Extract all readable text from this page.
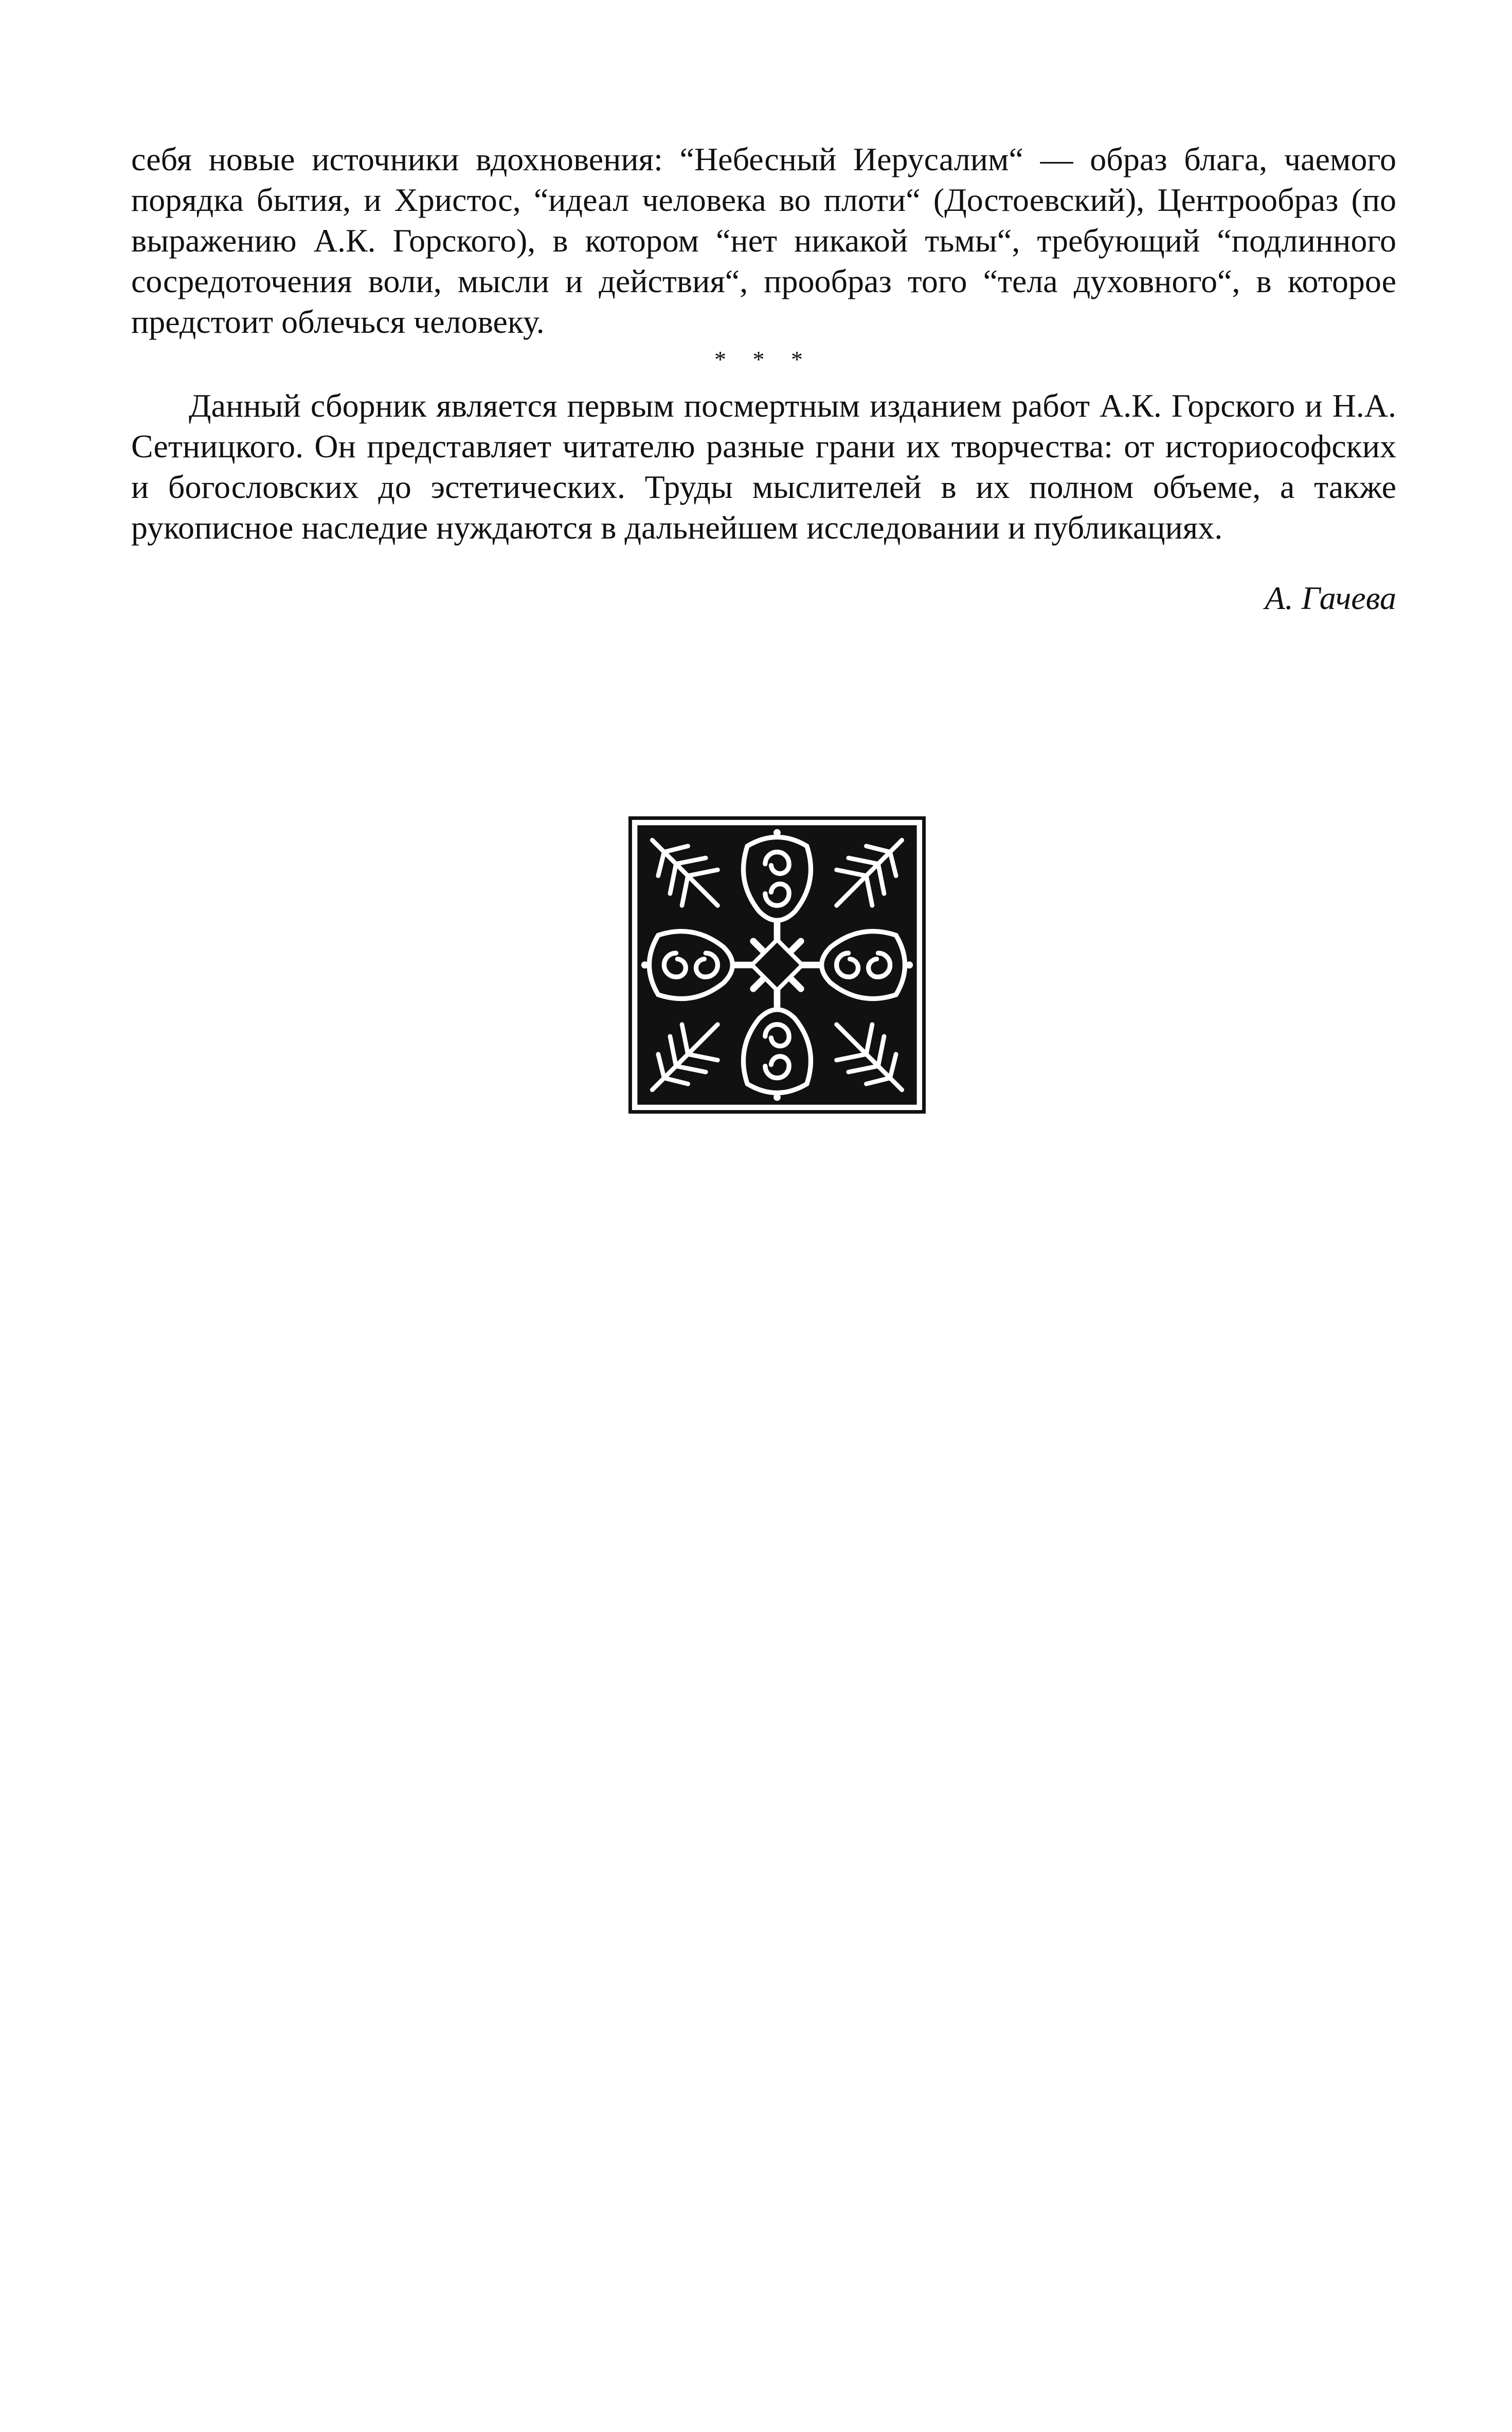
себя новые источники вдохновения: “Небесный Иерусалим“ — образ блага, чаемого порядка бытия, и Христос, “идеал человека во плоти“ (Достоевский), Центрообраз (по выражению А.К. Горского), в котором “нет никакой тьмы“, требующий “подлинного сосредоточения воли, мысли и действия“, прообраз того “тела духовного“, в которое предстоит облечься человеку.

* * *

Данный сборник является первым посмертным изданием работ А.К. Горского и Н.А. Сетницкого. Он представляет читателю разные грани их творчества: от историософских и богословских до эстетических. Труды мыслителей в их полном объеме, а также рукописное наследие нуждаются в дальнейшем исследовании и публикациях.

А. Гачева
